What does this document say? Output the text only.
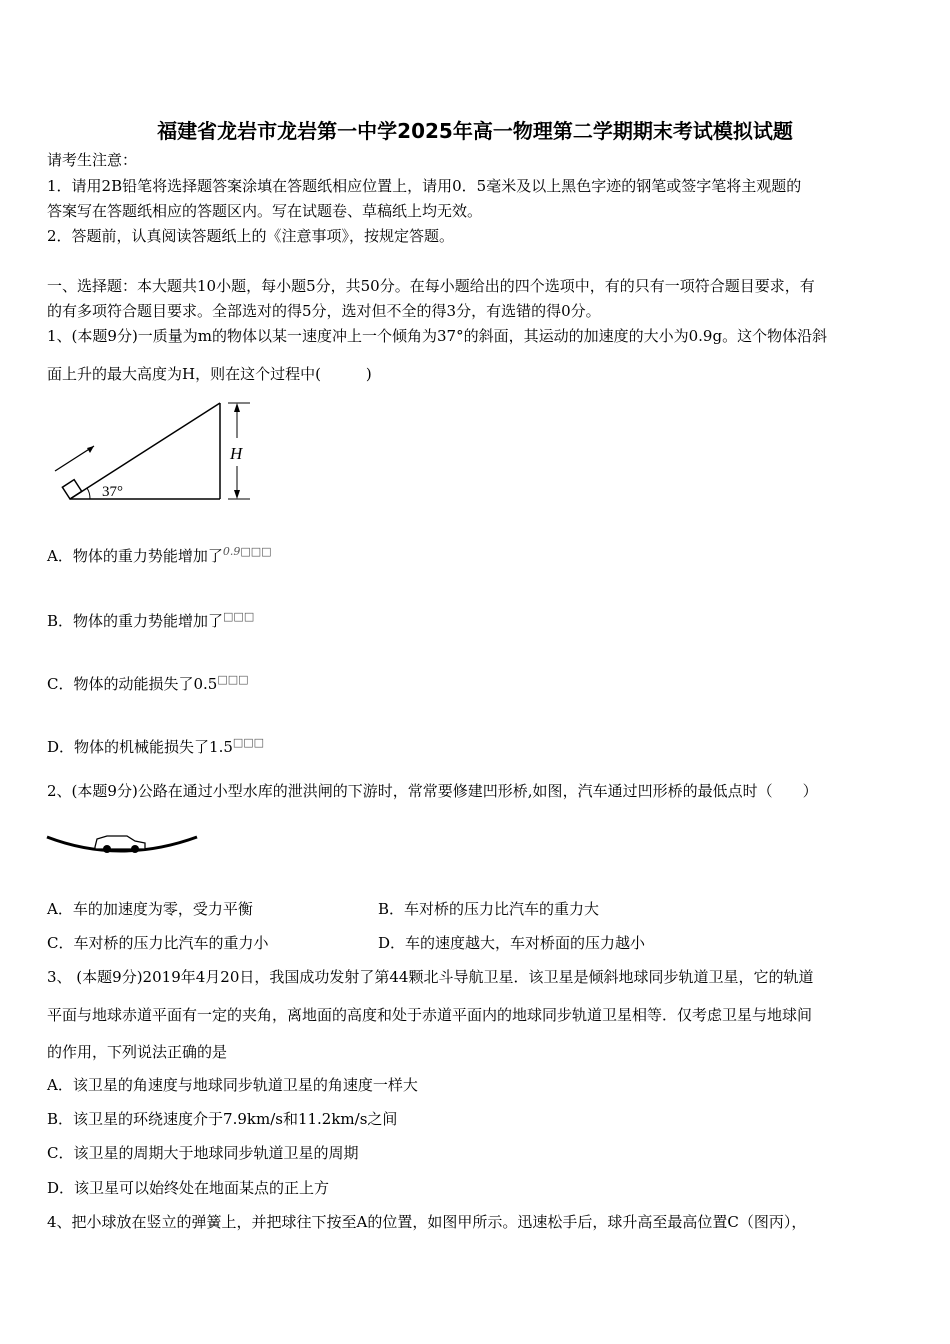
福建省龙岩市龙岩第一中学2025年高一物理第二学期期末考试模拟试题
请考生注意：
1．请用2B铅笔将选择题答案涂填在答题纸相应位置上，请用0．5毫米及以上黑色字迹的钢笔或签字笔将主观题的
答案写在答题纸相应的答题区内。写在试题卷、草稿纸上均无效。
2．答题前，认真阅读答题纸上的《注意事项》，按规定答题。
一、选择题：本大题共10小题，每小题5分，共50分。在每小题给出的四个选项中，有的只有一项符合题目要求，有
的有多项符合题目要求。全部选对的得5分，选对但不全的得3分，有选错的得0分。
1、(本题9分)一质量为m的物体以某一速度冲上一个倾角为37°的斜面，其运动的加速度的大小为0.9g。这个物体沿斜
面上升的最大高度为H，则在这个过程中(　　　)
37°
H
A．物体的重力势能增加了$^{0.9□□□}$
B．物体的重力势能增加了□□□
C．物体的动能损失了0.5□□□
D．物体的机械能损失了1.5□□□
2、(本题9分)公路在通过小型水库的泄洪闸的下游时，常常要修建凹形桥,如图，汽车通过凹形桥的最低点时（　　）
A．车的加速度为零，受力平衡	B．车对桥的压力比汽车的重力大
C．车对桥的压力比汽车的重力小	D．车的速度越大，车对桥面的压力越小
3、 (本题9分)2019年4月20日，我国成功发射了第44颗北斗导航卫星．该卫星是倾斜地球同步轨道卫星，它的轨道
平面与地球赤道平面有一定的夹角，离地面的高度和处于赤道平面内的地球同步轨道卫星相等．仅考虑卫星与地球间
的作用，下列说法正确的是
A．该卫星的角速度与地球同步轨道卫星的角速度一样大
B．该卫星的环绕速度介于7.9km/s和11.2km/s之间
C．该卫星的周期大于地球同步轨道卫星的周期
D．该卫星可以始终处在地面某点的正上方
4、把小球放在竖立的弹簧上，并把球往下按至A的位置，如图甲所示。迅速松手后，球升高至最高位置C（图丙），
